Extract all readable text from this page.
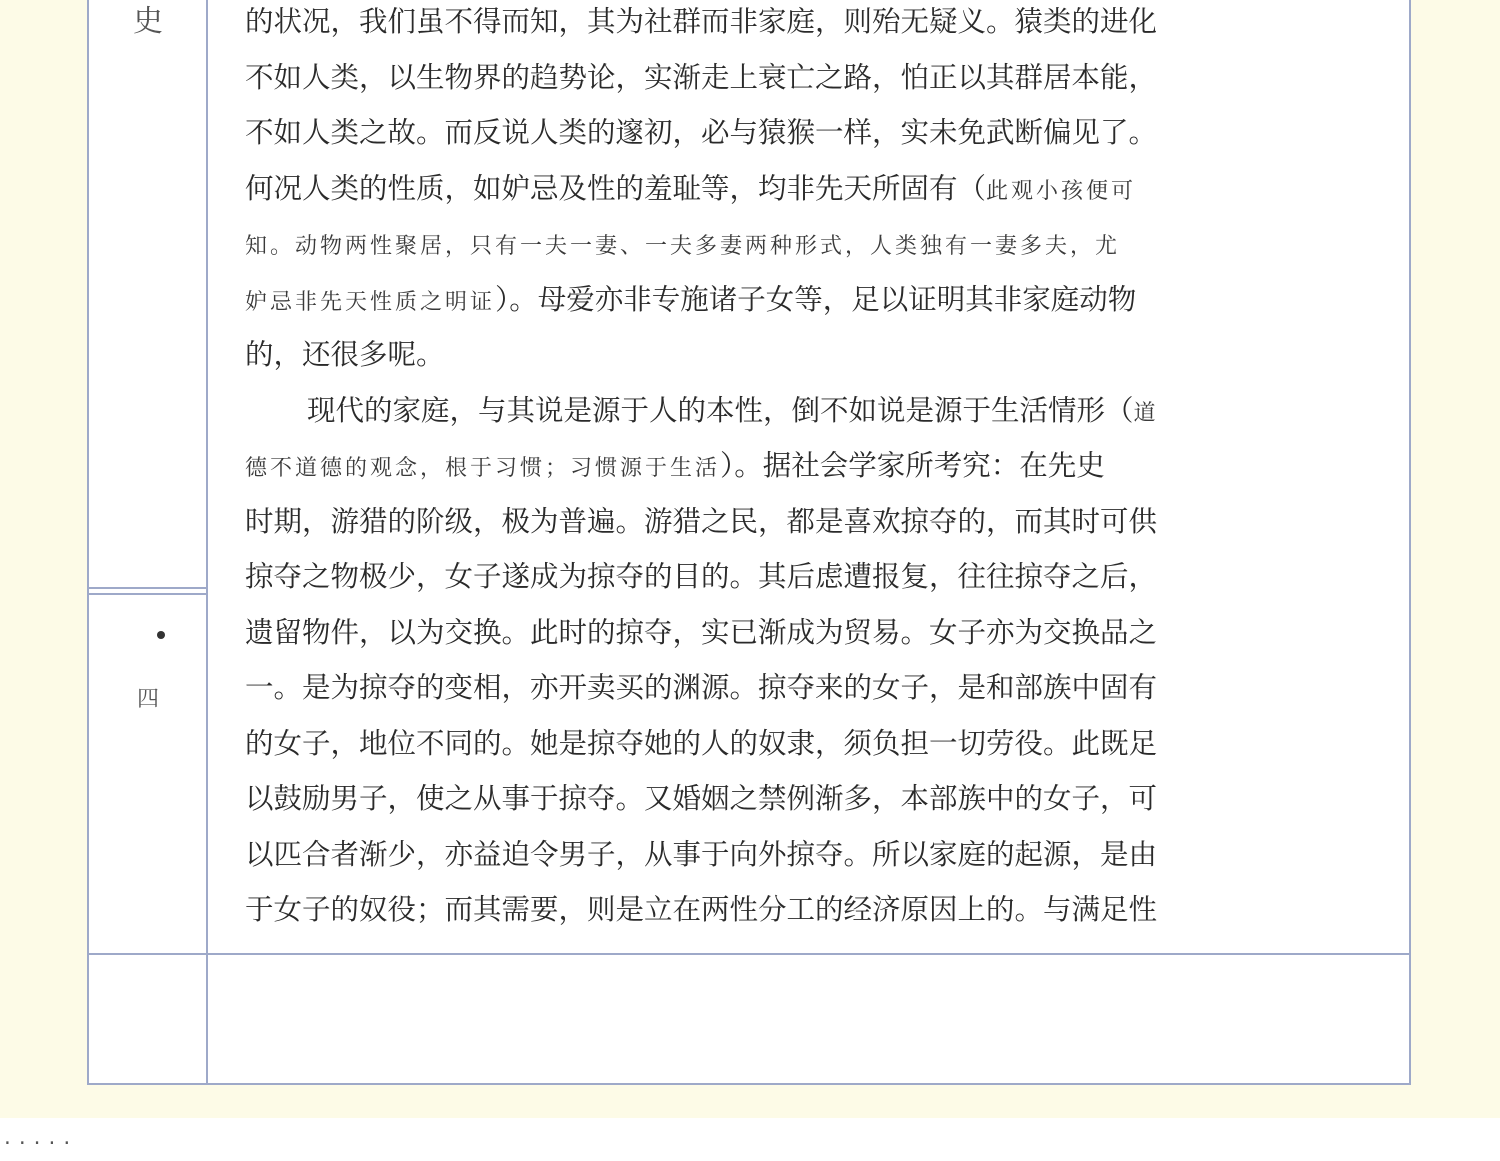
史
四
的状况，我们虽不得而知，其为社群而非家庭，则殆无疑义。猿类的进化
不如人类，以生物界的趋势论，实渐走上衰亡之路，怕正以其群居本能，
不如人类之故。而反说人类的邃初，必与猿猴一样，实未免武断偏见了。
何况人类的性质，如妒忌及性的羞耻等，均非先天所固有（此观小孩便可
知。动物两性聚居，只有一夫一妻、一夫多妻两种形式，人类独有一妻多夫，尤
妒忌非先天性质之明证）。母爱亦非专施诸子女等，足以证明其非家庭动物
的，还很多呢。
现代的家庭，与其说是源于人的本性，倒不如说是源于生活情形（道
德不道德的观念，根于习惯；习惯源于生活）。据社会学家所考究：在先史
时期，游猎的阶级，极为普遍。游猎之民，都是喜欢掠夺的，而其时可供
掠夺之物极少，女子遂成为掠夺的目的。其后虑遭报复，往往掠夺之后，
遗留物件，以为交换。此时的掠夺，实已渐成为贸易。女子亦为交换品之
一。是为掠夺的变相，亦开卖买的渊源。掠夺来的女子，是和部族中固有
的女子，地位不同的。她是掠夺她的人的奴隶，须负担一切劳役。此既足
以鼓励男子，使之从事于掠夺。又婚姻之禁例渐多，本部族中的女子，可
以匹合者渐少，亦益迫令男子，从事于向外掠夺。所以家庭的起源，是由
于女子的奴役；而其需要，则是立在两性分工的经济原因上的。与满足性
.....
